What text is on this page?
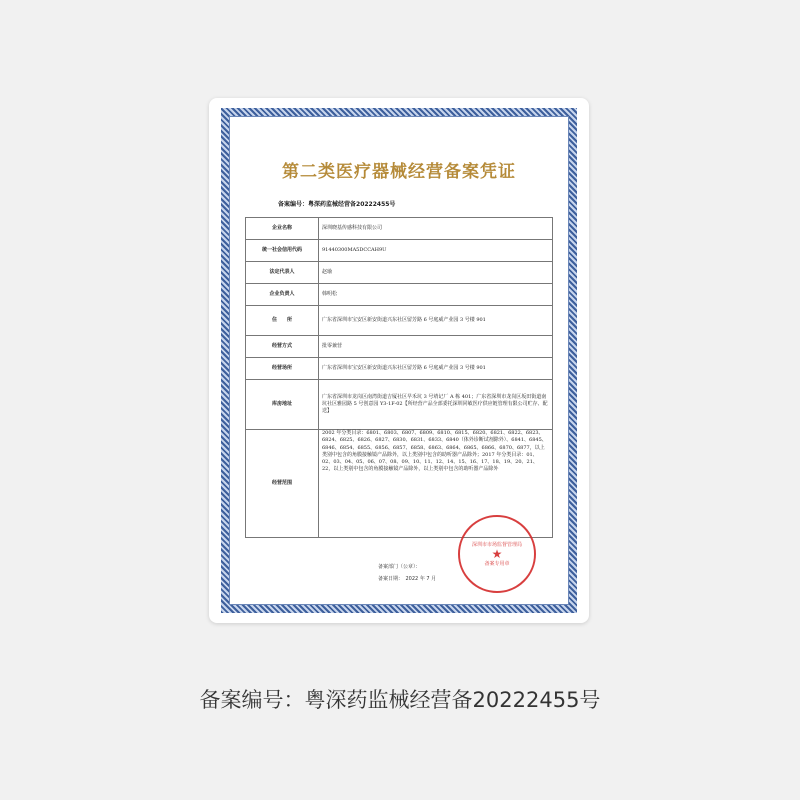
第二类医疗器械经营备案凭证
备案编号：粤深药监械经营备20222455号
企业名称	深圳晓基传感科技有限公司
统一社会信用代码	91440300MA5DCCAH9U
法定代表人	赵瑜
企业负责人	韩明松
住　　所	广东省深圳市宝安区新安街道兴东社区留芳路 6 号庭威产业园 3 号楼 901
经营方式	批零兼营
经营场所	广东省深圳市宝安区新安街道兴东社区留芳路 6 号庭威产业园 3 号楼 901
库房地址	广东省深圳市龙岗区南湾街道吉厦社区早禾坑 3 号靖记厂 A 栋 401；广东省深圳市龙岗区坂田街道南坑社区雅园路 5 号创意园 Y3-1F-02【所经营产品全部委托深圳同敏医疗供应链管理有限公司贮存、配送】
经营范围	2002 年分类目录：6801、6803、6807、6809、6810、6815、6820、6821、6822、6823、6824、6825、6826、6827、6830、6831、6833、6840（体外诊断试剂除外）、6841、6845、6846、6854、6855、6856、6857、6858、6863、6864、6865、6866、6870、6877，以上类别中包含的角膜接触镜产品除外，以上类别中包含的助听器产品除外；2017 年分类目录：01、02、03、04、05、06、07、08、09、10、11、12、14、15、16、17、18、19、20、21、22，以上类别中包含的角膜接触镜产品除外，以上类别中包含的助听器产品除外
备案部门（公章）：
备案日期：　2022 年 7 月
深圳市市场监督管理局
★
备案专用章
备案编号：粤深药监械经营备20222455号
